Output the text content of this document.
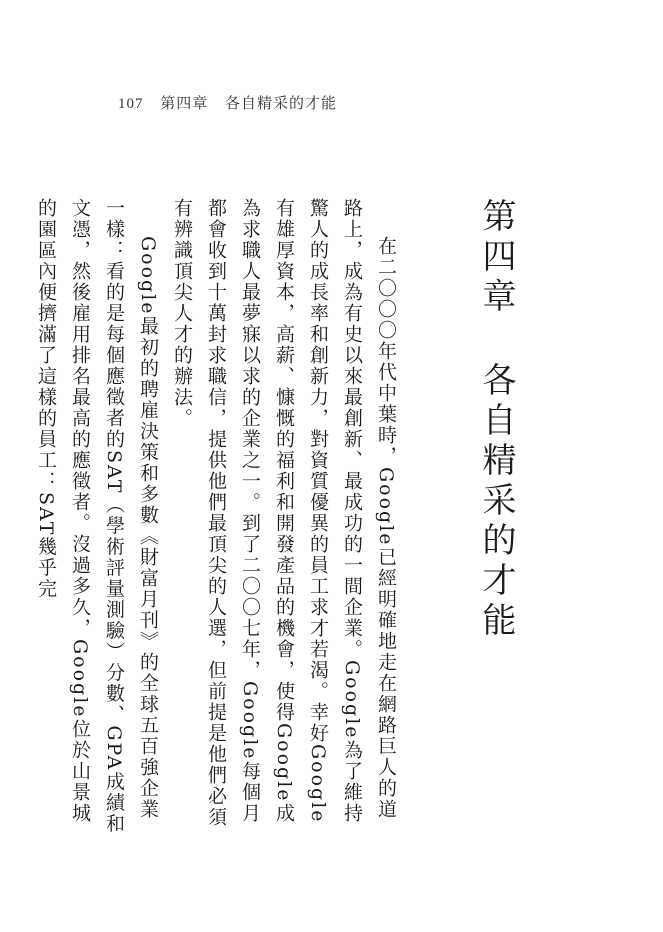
107 第四章 各自精采的才能
第四章各自精采的才能

在二〇〇〇年代中葉時，Google已經明確地走在網路巨人的道路上，成為有史以來最創新、最成功的一間企業。Google為了維持驚人的成長率和創新力，對資質優異的員工求才若渴。幸好Google有雄厚資本，高薪、慷慨的福利和開發產品的機會，使得Google成為求職人最夢寐以求的企業之一。到了二〇〇七年，Google每個月都會收到十萬封求職信，提供他們最頂尖的人選，但前提是他們必須有辨識頂尖人才的辦法。

Google最初的聘雇決策和多數《財富月刊》的全球五百強企業一樣：看的是每個應徵者的SAT（學術評量測驗）分數、GPA成績和文憑，然後雇用排名最高的應徵者。沒過多久，Google位於山景城的園區內便擠滿了這樣的員工：SAT幾乎完
